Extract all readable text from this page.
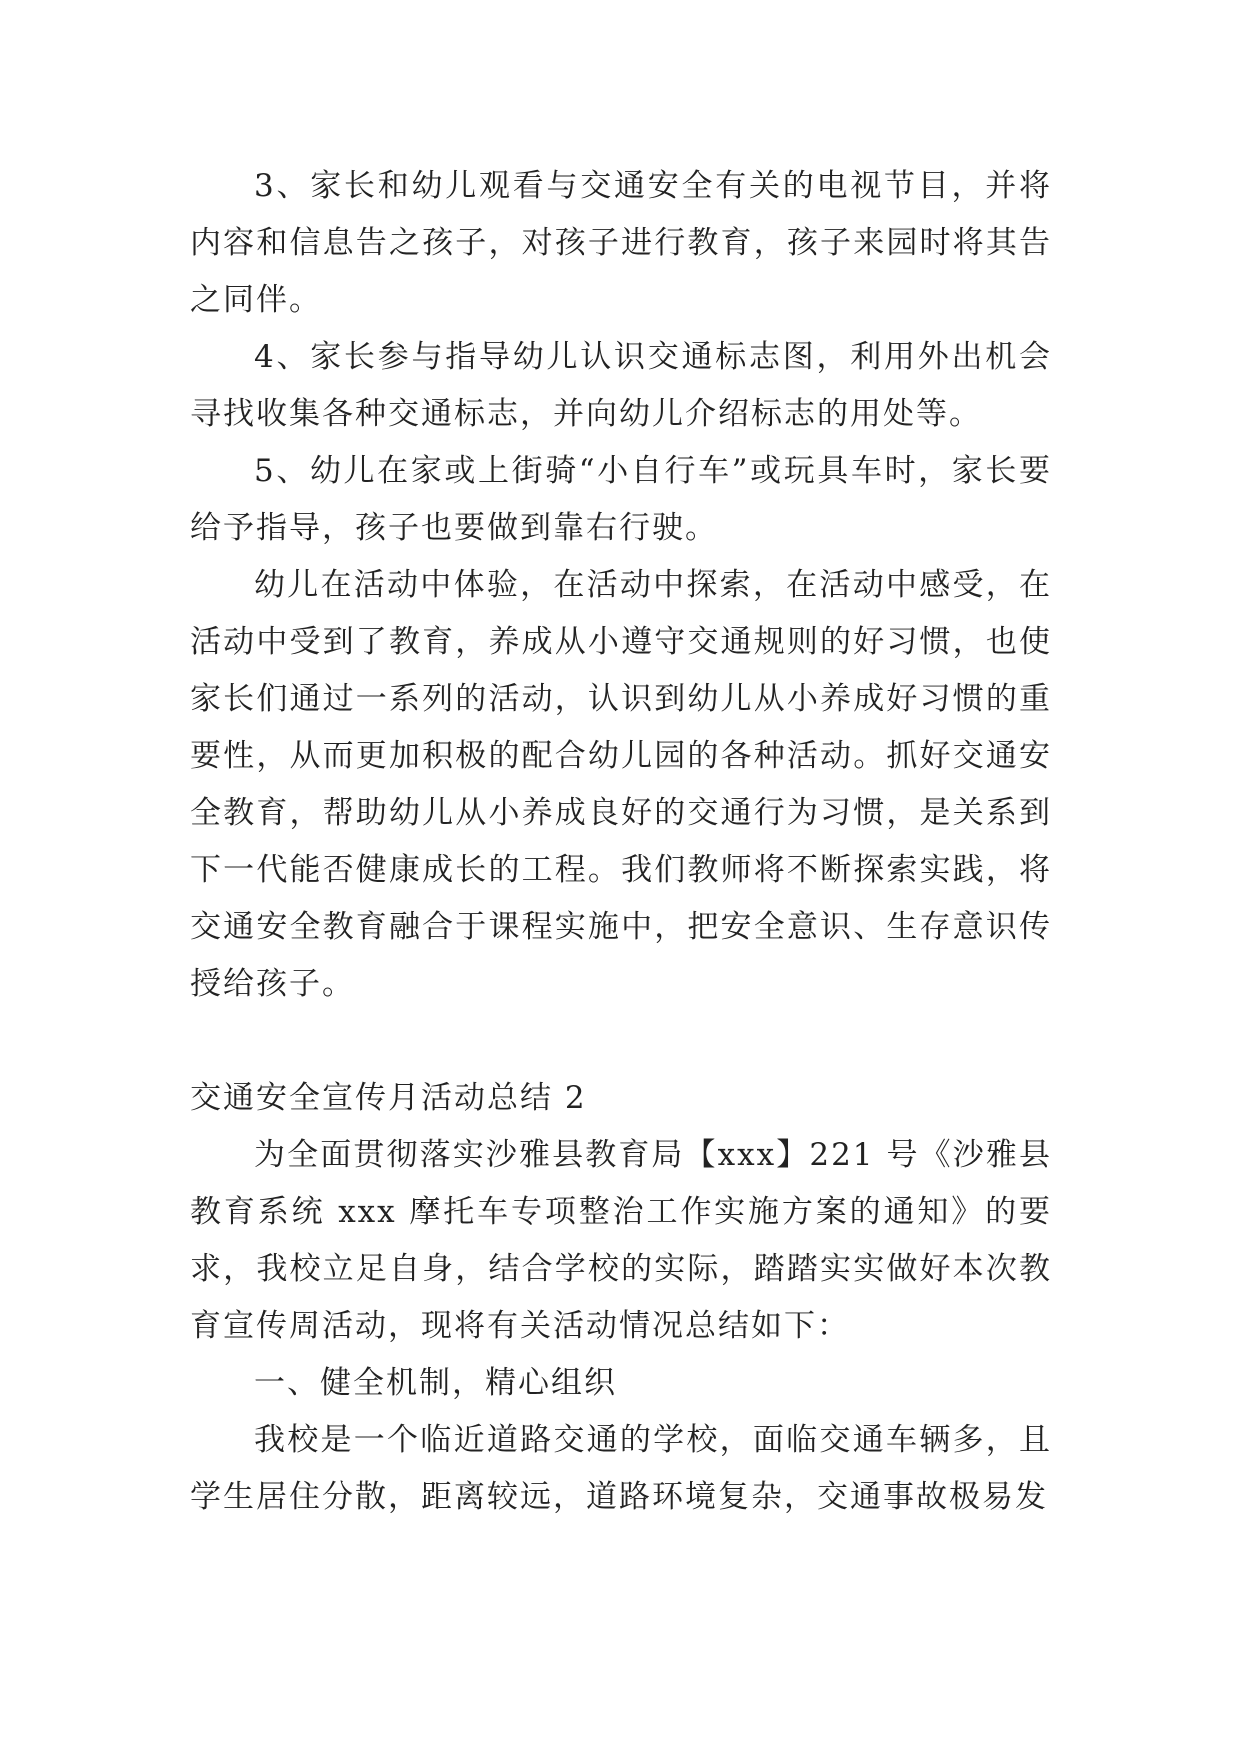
3、家长和幼儿观看与交通安全有关的电视节目，并将内容和信息告之孩子，对孩子进行教育，孩子来园时将其告之同伴。

4、家长参与指导幼儿认识交通标志图，利用外出机会寻找收集各种交通标志，并向幼儿介绍标志的用处等。

5、幼儿在家或上街骑“小自行车”或玩具车时，家长要给予指导，孩子也要做到靠右行驶。

幼儿在活动中体验，在活动中探索，在活动中感受，在活动中受到了教育，养成从小遵守交通规则的好习惯，也使家长们通过一系列的活动，认识到幼儿从小养成好习惯的重要性，从而更加积极的配合幼儿园的各种活动。抓好交通安全教育，帮助幼儿从小养成良好的交通行为习惯，是关系到下一代能否健康成长的工程。我们教师将不断探索实践，将交通安全教育融合于课程实施中，把安全意识、生存意识传授给孩子。

交通安全宣传月活动总结 2

为全面贯彻落实沙雅县教育局【xxx】221 号《沙雅县教育系统 xxx 摩托车专项整治工作实施方案的通知》的要求，我校立足自身，结合学校的实际，踏踏实实做好本次教育宣传周活动，现将有关活动情况总结如下：

一、健全机制，精心组织

我校是一个临近道路交通的学校，面临交通车辆多，且学生居住分散，距离较远，道路环境复杂，交通事故极易发
